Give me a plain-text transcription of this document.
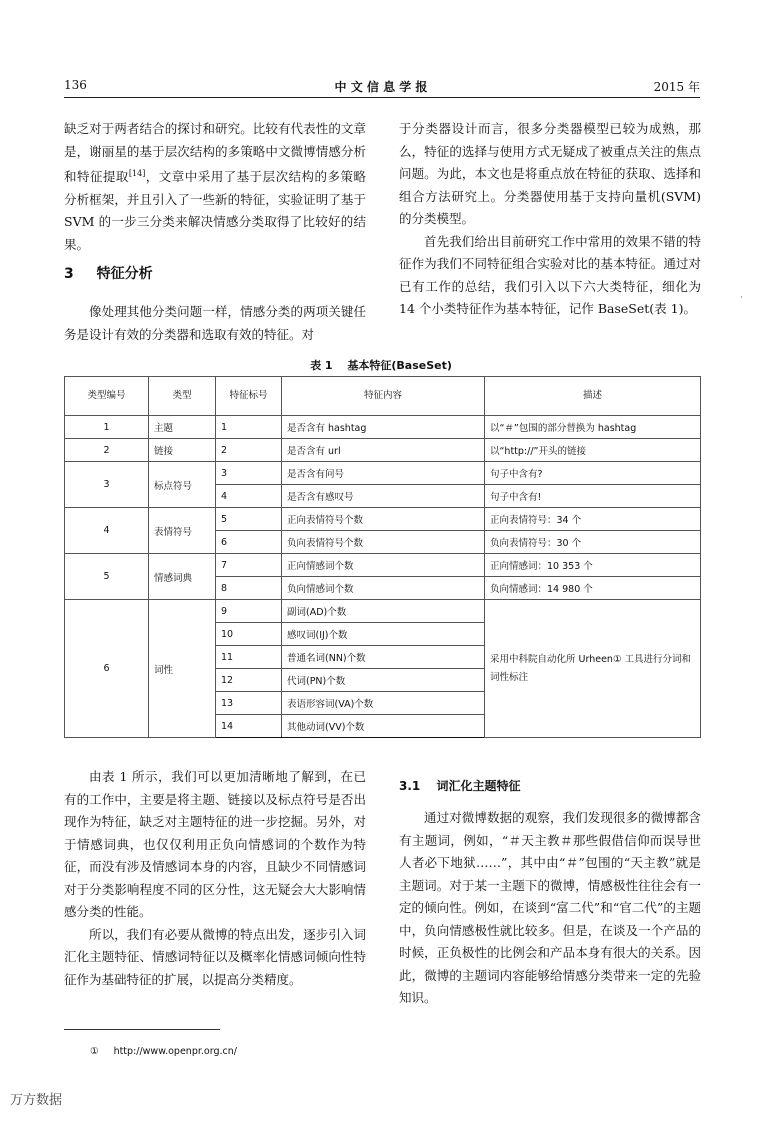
136	中 文 信 息 学 报	2015 年

缺乏对于两者结合的探讨和研究。比较有代表性的文章是，谢丽星的基于层次结构的多策略中文微博情感分析和特征提取[14]，文章中采用了基于层次结构的多策略分析框架，并且引入了一些新的特征，实验证明了基于 SVM 的一步三分类来解决情感分类取得了比较好的结果。

3 特征分析

像处理其他分类问题一样，情感分类的两项关键任务是设计有效的分类器和选取有效的特征。对

于分类器设计而言，很多分类器模型已较为成熟，那么，特征的选择与使用方式无疑成了被重点关注的焦点问题。为此，本文也是将重点放在特征的获取、选择和组合方法研究上。分类器使用基于支持向量机(SVM)的分类模型。

首先我们给出目前研究工作中常用的效果不错的特征作为我们不同特征组合实验对比的基本特征。通过对已有工作的总结，我们引入以下六大类特征，细化为 14 个小类特征作为基本特征，记作 BaseSet(表 1)。

·
表 1　 基本特征(BaseSet)
类型编号	类型	特征标号	特征内容	描述
1	主题	1	是否含有 hashtag	以“＃”包围的部分替换为 hashtag
2	链接	2	是否含有 url	以“http://”开头的链接
3	标点符号	3	是否含有问号	句子中含有?
		4	是否含有感叹号	句子中含有!
4	表情符号	5	正向表情符号个数	正向表情符号：34 个
		6	负向表情符号个数	负向表情符号：30 个
5	情感词典	7	正向情感词个数	正向情感词：10 353 个
		8	负向情感词个数	负向情感词：14 980 个
6	词性	9	副词(AD)个数	采用中科院自动化所 Urheen① 工具进行分词和词性标注
		10	感叹词(IJ)个数	
		11	普通名词(NN)个数	
		12	代词(PN)个数	
		13	表语形容词(VA)个数	
		14	其他动词(VV)个数	

由表 1 所示，我们可以更加清晰地了解到，在已有的工作中，主要是将主题、链接以及标点符号是否出现作为特征，缺乏对主题特征的进一步挖掘。另外，对于情感词典，也仅仅利用正负向情感词的个数作为特征，而没有涉及情感词本身的内容，且缺少不同情感词对于分类影响程度不同的区分性，这无疑会大大影响情感分类的性能。

所以，我们有必要从微博的特点出发，逐步引入词汇化主题特征、情感词特征以及概率化情感词倾向性特征作为基础特征的扩展，以提高分类精度。

3.1 词汇化主题特征

通过对微博数据的观察，我们发现很多的微博都含有主题词，例如，“＃天主教＃那些假借信仰而误导世人者必下地狱……”，其中由“＃”包围的“天主教”就是主题词。对于某一主题下的微博，情感极性往往会有一定的倾向性。例如，在谈到“富二代”和“官二代”的主题中，负向情感极性就比较多。但是，在谈及一个产品的时候，正负极性的比例会和产品本身有很大的关系。因此，微博的主题词内容能够给情感分类带来一定的先验知识。

① http://www.openpr.org.cn/
万方数据
